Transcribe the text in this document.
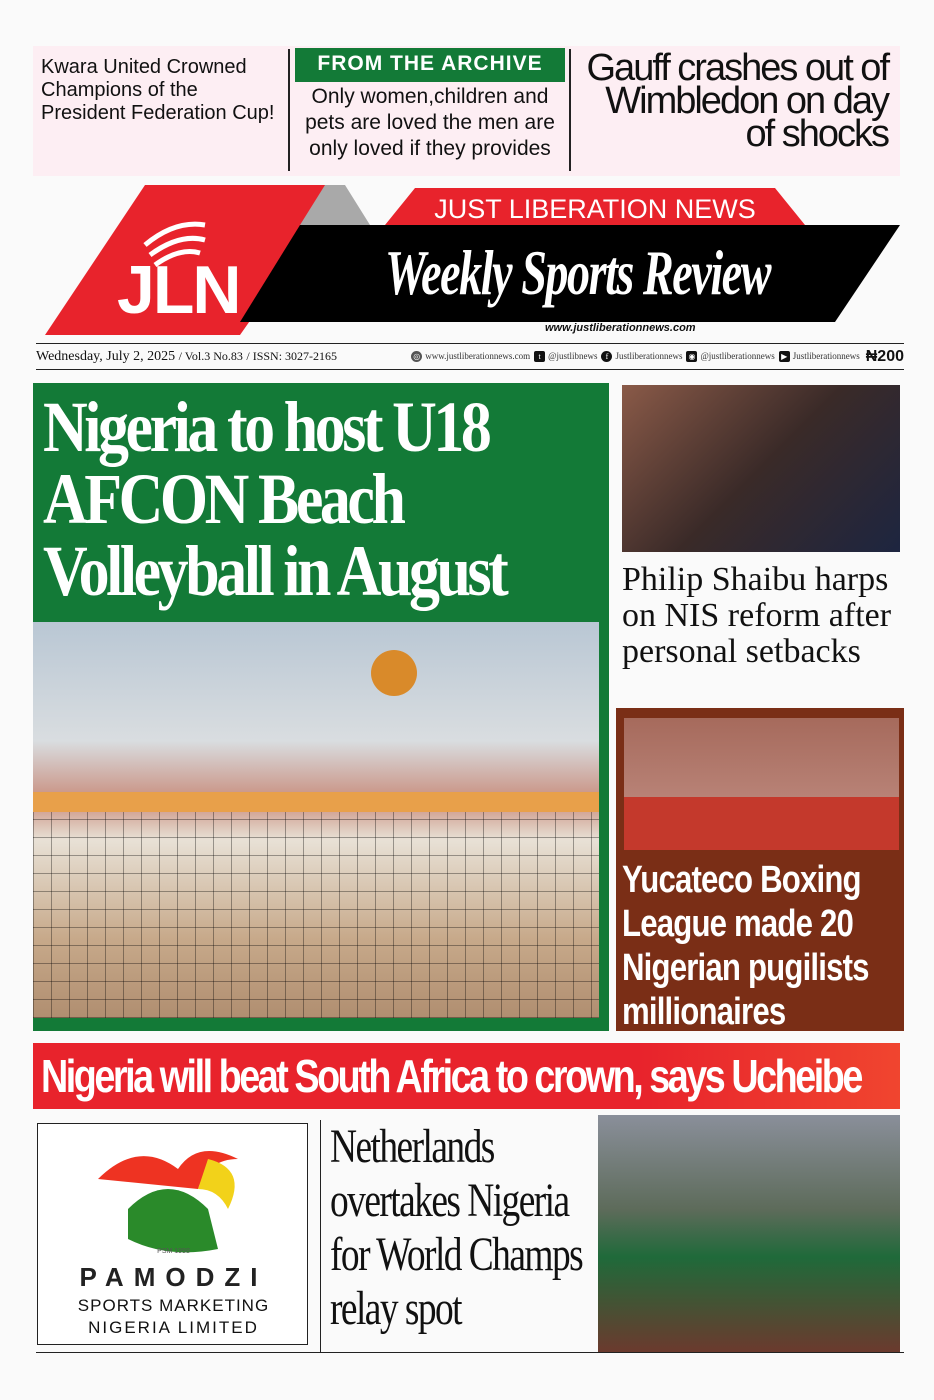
Kwara United Crowned Champions of the President Federation Cup!
FROM THE ARCHIVE
Only women,children and pets are loved the men are only loved if they provides
Gauff crashes out of Wimbledon on day of shocks
JLN
JUST LIBERATION NEWS
Weekly Sports Review
www.justliberationnews.com
Wednesday, July 2, 2025
/ Vol.3 No.83
/ ISSN: 3027-2165	◎ www.justliberationnews.com	t @justlibnews	f Justliberationnews ◉ @justliberationnews ▶ Justliberationnews ₦200
Nigeria to host U18 AFCON Beach Volleyball in August	Philip Shaibu harps on NIS reform after personal setbacks
Yucateco Boxing League made 20 Nigerian pugilists millionaires
Nigeria will beat South Africa to crown, says Ucheibe
PSM 1998
PAMODZI
SPORTS MARKETING
NIGERIA LIMITED
Netherlands overtakes Nigeria for World Champs relay spot
